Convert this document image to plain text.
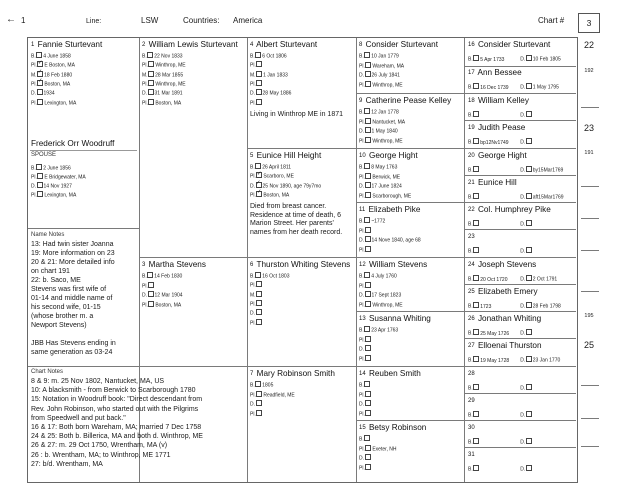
← 1	Line:	LSW	Countries: America	Chart #	3
22
192
23
191
195
25
Frederick Orr Woodruff
SPOUSE
Name Notes
Chart Notes
B. 2 June 1856
Pl. E Bridgewater, MA
D. 14 Nov 1927
Pl. Lexington, MA
$^1$ Fannie Sturtevant
B. 4 June 1858
Pl. ✓ E Boston, MA
M. ✓ 18 Feb 1880
Pl. ✓ Boston, MA
D. 1934
Pl. Lexington, MA
$^2$ William Lewis Sturtevant
B. 22 Nov 1833
Pl. Winthrop, ME
M. 28 Mar 1855
Pl. Winthrop, ME
D. 31 Mar 1891
Pl. Boston, MA
$^3$ Martha Stevens
B. 14 Feb 1830
Pl.
D. 12 Mar 1904
Pl. Boston, MA
$^4$ Albert Sturtevant
B. 6 Oct 1806
Pl.
M. 1 Jan 1833
Pl.
D. 28 May 1886
Pl.
Living in Winthrop ME in 1871
$^5$ Eunice Hill Height
B. 26 April 1811
Pl. ✓ Scarboro, ME
D. ✓ 25 Nov 1890, age 79y7mo
Pl. ✓ Boston, MA
Died from breast cancer. Residence at time of death, 6 Marion Street. Her parents' names from her death record.
$^6$ Thurston Whiting Stevens
B. 16 Oct 1803
Pl.
M.
Pl.
D.
Pl.
$^7$ Mary Robinson Smith
B. 1805
Pl. Readfield, ME
D.
Pl.
$^8$ Consider Sturtevant
B. 10 Jan 1779
Pl. Wareham, MA
D. 26 July 1841
Pl. Winthrop, ME
$^9$ Catherine Pease Kelley
B. 12 Jan 1778
Pl. Nantucket, MA
D. 1 May 1840
Pl. Winthrop, ME
$^{10}$ George Hight
B. 8 May 1763
Pl. Berwick, ME
D. 17 June 1824
Pl. Scarborough, ME
$^{11}$ Elizabeth Pike
B. ~1772
Pl.
D. 14 Nove 1840, age 68
Pl.
$^{12}$ William Stevens
B. 4 July 1760
Pl.
D. 17 Sept 1823
Pl. Winthrop, ME
$^{13}$ Susanna Whiting
B. 23 Apr 1763
Pl.
D.
Pl.
$^{14}$ Reuben Smith
B.
Pl.
D.
Pl.
$^{15}$ Betsy Robinson
B.
Pl. Exeter, NH
D.
Pl.
$^{16}$ Consider Sturtevant
B. 5 Apr 1733	D. 10 Feb 1805
$^{17}$ Ann Bessee
B. 16 Dec 1739 D. 1 May 1795
$^{18}$ William Kelley
B.	D.
$^{19}$ Judith Pease
B. bp12Nv1749 D.
$^{20}$ George Hight
B.	D. by15Mar1769
$^{21}$ Eunice Hill
B.	D. aft15Mar1769
$^{22}$ Col. Humphrey Pike
B.	D.
$^{23}$
B.	D.
$^{24}$ Joseph Stevens
B. 20 Oct 1720	D. 2 Oct 1791
$^{25}$ Elizabeth Emery
B. 1723	D. 28 Feb 1798
$^{26}$ Jonathan Whiting
B. 25 May 1726 D.
$^{27}$ Elloenai Thurston
B. 19 May 1728 D. 23 Jan 1770
$^{28}$
B.	D.
$^{29}$
B.	D.
$^{30}$
B.	D.
$^{31}$
B.	D.
13: Had twin sister Joanna
19: More information on 23
20 & 21: More detailed info
on chart 191
22: b. Saco, ME
Stevens was first wife of
01-14 and middle name of
his second wife, 01-15
(whose brother m. a
Newport Stevens)
JBB Has Stevens ending in
same generation as 03-24
8 & 9: m. 25 Nov 1802, Nantucket, MA, US
10: A blacksmith - from Berwick to Scarborough 1780
15: Notation in Woodruff book: "Direct descendant from
Rev. John Robinson, who started out with the Pilgrims
from Speedwell and put back."
16 & 17: Both born Wareham, MA; married 7 Dec 1758
24 & 25: Both b. Billerica, MA and both d. Winthrop, ME
26 & 27: m. 29 Oct 1750, Wrentham, MA (v)
26 : b. Wrentham, MA; to Winthrop, ME 1771
27: b/d. Wrentham, MA
